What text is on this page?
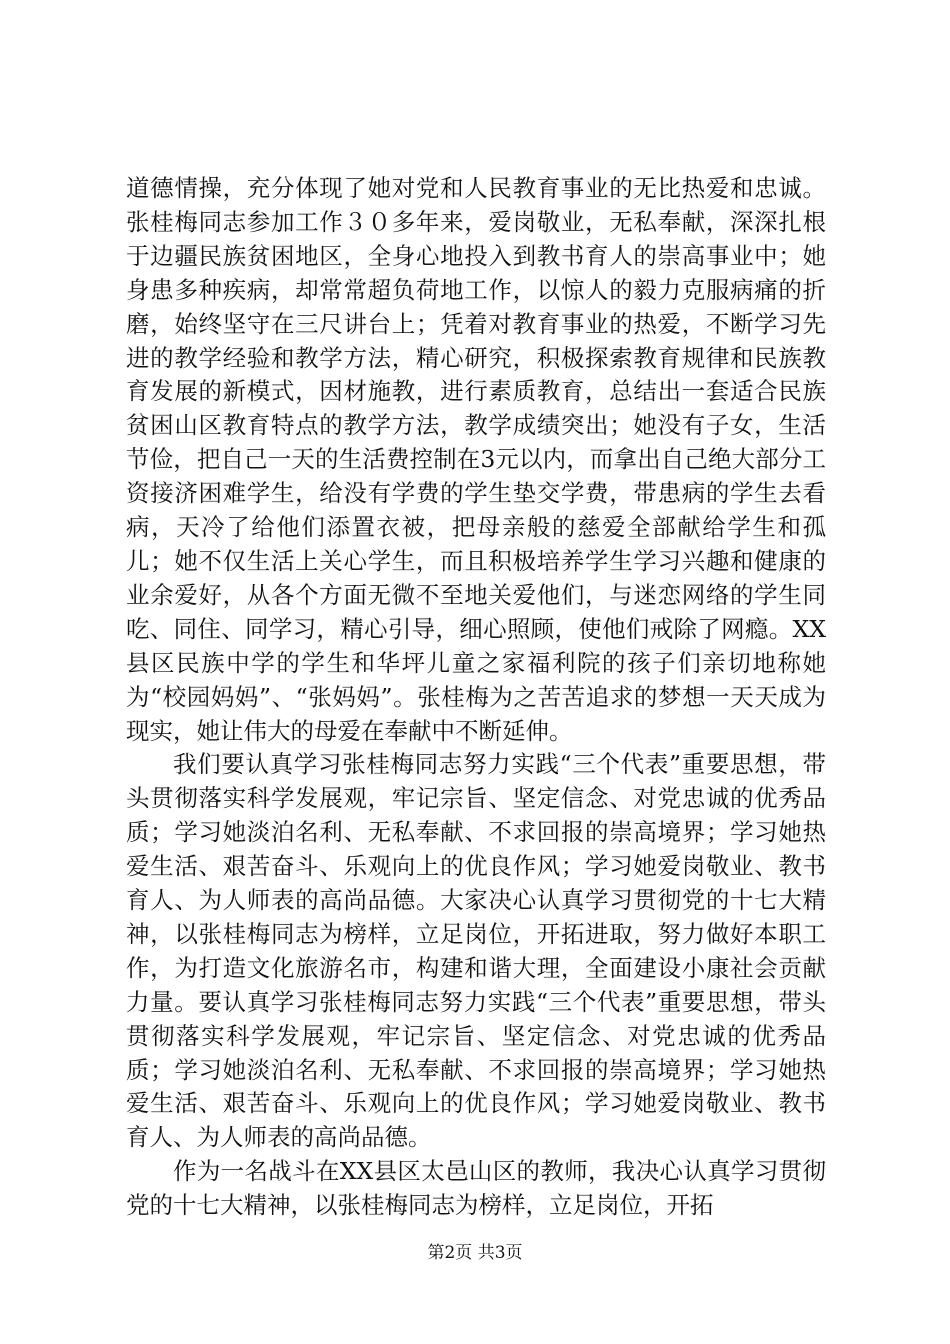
道德情操，充分体现了她对党和人民教育事业的无比热爱和忠诚。张桂梅同志参加工作３０多年来，爱岗敬业，无私奉献，深深扎根于边疆民族贫困地区，全身心地投入到教书育人的崇高事业中；她身患多种疾病，却常常超负荷地工作，以惊人的毅力克服病痛的折磨，始终坚守在三尺讲台上；凭着对教育事业的热爱，不断学习先进的教学经验和教学方法，精心研究，积极探索教育规律和民族教育发展的新模式，因材施教，进行素质教育，总结出一套适合民族贫困山区教育特点的教学方法，教学成绩突出；她没有子女，生活节俭，把自己一天的生活费控制在3元以内，而拿出自己绝大部分工资接济困难学生，给没有学费的学生垫交学费，带患病的学生去看病，天冷了给他们添置衣被，把母亲般的慈爱全部献给学生和孤儿；她不仅生活上关心学生，而且积极培养学生学习兴趣和健康的业余爱好，从各个方面无微不至地关爱他们，与迷恋网络的学生同吃、同住、同学习，精心引导，细心照顾，使他们戒除了网瘾。XX县区民族中学的学生和华坪儿童之家福利院的孩子们亲切地称她为“校园妈妈”、“张妈妈”。张桂梅为之苦苦追求的梦想一天天成为现实，她让伟大的母爱在奉献中不断延伸。

我们要认真学习张桂梅同志努力实践“三个代表”重要思想，带头贯彻落实科学发展观，牢记宗旨、坚定信念、对党忠诚的优秀品质；学习她淡泊名利、无私奉献、不求回报的崇高境界；学习她热爱生活、艰苦奋斗、乐观向上的优良作风；学习她爱岗敬业、教书育人、为人师表的高尚品德。大家决心认真学习贯彻党的十七大精神，以张桂梅同志为榜样，立足岗位，开拓进取，努力做好本职工作，为打造文化旅游名市，构建和谐大理，全面建设小康社会贡献力量。要认真学习张桂梅同志努力实践“三个代表”重要思想，带头贯彻落实科学发展观，牢记宗旨、坚定信念、对党忠诚的优秀品质；学习她淡泊名利、无私奉献、不求回报的崇高境界；学习她热爱生活、艰苦奋斗、乐观向上的优良作风；学习她爱岗敬业、教书育人、为人师表的高尚品德。

作为一名战斗在XX县区太邑山区的教师，我决心认真学习贯彻党的十七大精神，以张桂梅同志为榜样，立足岗位，开拓

第2页 共3页
